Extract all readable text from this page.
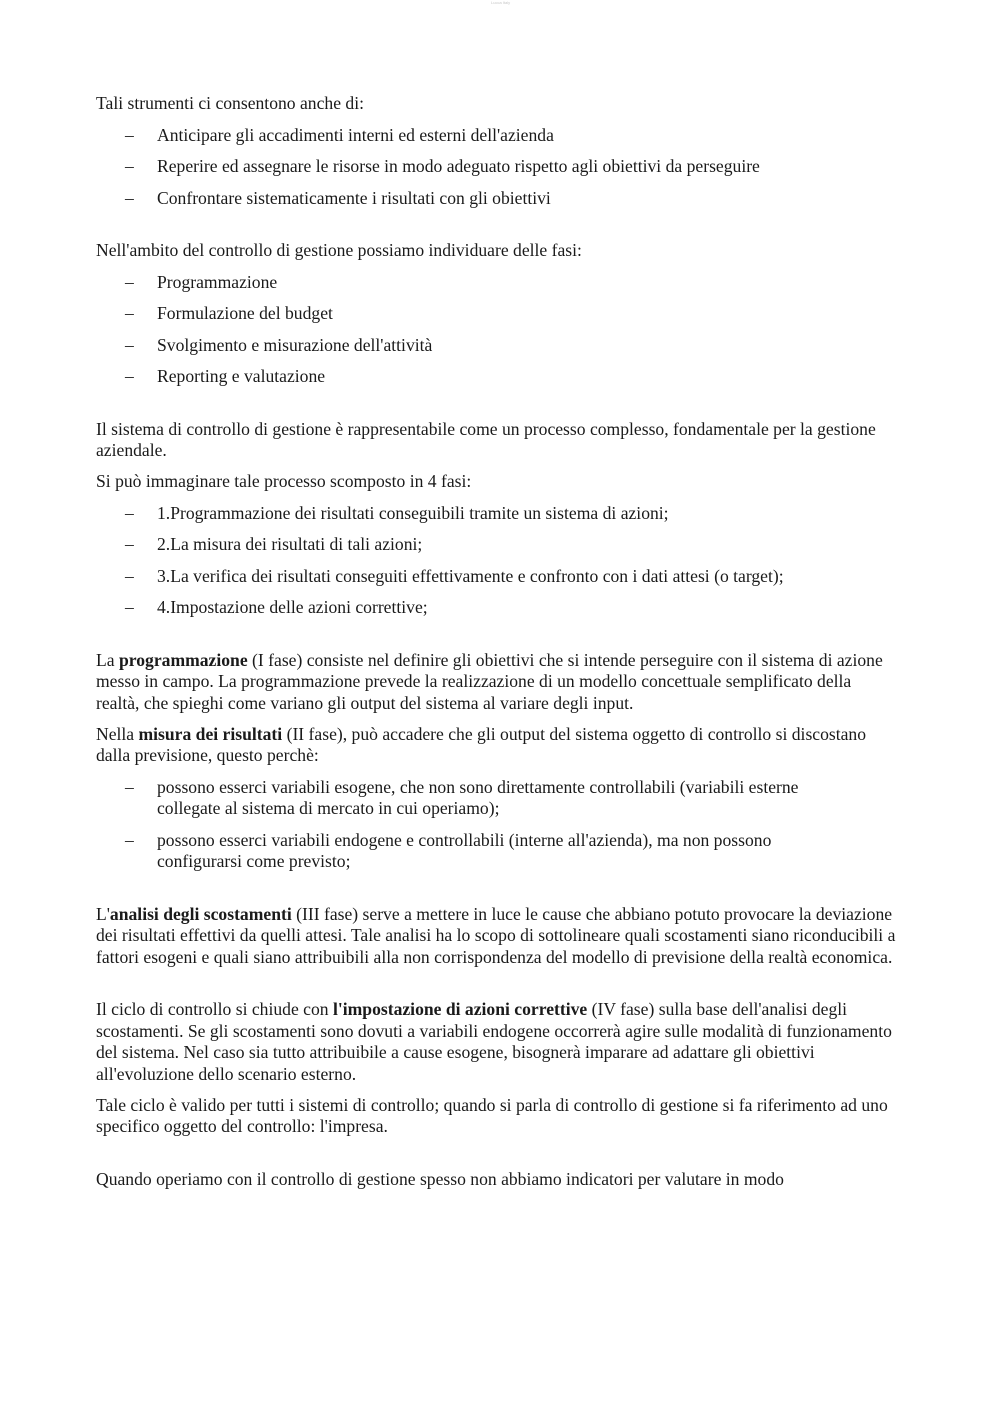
Lucca Italy

Tali strumenti ci consentono anche di:

– Anticipare gli accadimenti interni ed esterni dell'azienda
– Reperire ed assegnare le risorse in modo adeguato rispetto agli obiettivi da perseguire
– Confrontare sistematicamente i risultati con gli obiettivi

Nell'ambito del controllo di gestione possiamo individuare delle fasi:

– Programmazione
– Formulazione del budget
– Svolgimento e misurazione dell'attività
– Reporting e valutazione

Il sistema di controllo di gestione è rappresentabile come un processo complesso, fondamentale per la gestione aziendale.

Si può immaginare tale processo scomposto in 4 fasi:

– 1.Programmazione dei risultati conseguibili tramite un sistema di azioni;
– 2.La misura dei risultati di tali azioni;
– 3.La verifica dei risultati conseguiti effettivamente e confronto con i dati attesi (o target);
– 4.Impostazione delle azioni correttive;

La programmazione (I fase) consiste nel definire gli obiettivi che si intende perseguire con il sistema di azione messo in campo. La programmazione prevede la realizzazione di un modello concettuale semplificato della realtà, che spieghi come variano gli output del sistema al variare degli input.

Nella misura dei risultati (II fase), può accadere che gli output del sistema oggetto di controllo si discostano dalla previsione, questo perchè:

– possono esserci variabili esogene, che non sono direttamente controllabili (variabili esterne collegate al sistema di mercato in cui operiamo);
– possono esserci variabili endogene e controllabili (interne all'azienda), ma non possono configurarsi come previsto;

L'analisi degli scostamenti (III fase) serve a mettere in luce le cause che abbiano potuto provocare la deviazione dei risultati effettivi da quelli attesi. Tale analisi ha lo scopo di sottolineare quali scostamenti siano riconducibili a fattori esogeni e quali siano attribuibili alla non corrispondenza del modello di previsione della realtà economica.

Il ciclo di controllo si chiude con l'impostazione di azioni correttive (IV fase) sulla base dell'analisi degli scostamenti. Se gli scostamenti sono dovuti a variabili endogene occorrerà agire sulle modalità di funzionamento del sistema. Nel caso sia tutto attribuibile a cause esogene, bisognerà imparare ad adattare gli obiettivi all'evoluzione dello scenario esterno.

Tale ciclo è valido per tutti i sistemi di controllo; quando si parla di controllo di gestione si fa riferimento ad uno specifico oggetto del controllo: l'impresa.

Quando operiamo con il controllo di gestione spesso non abbiamo indicatori per valutare in modo
